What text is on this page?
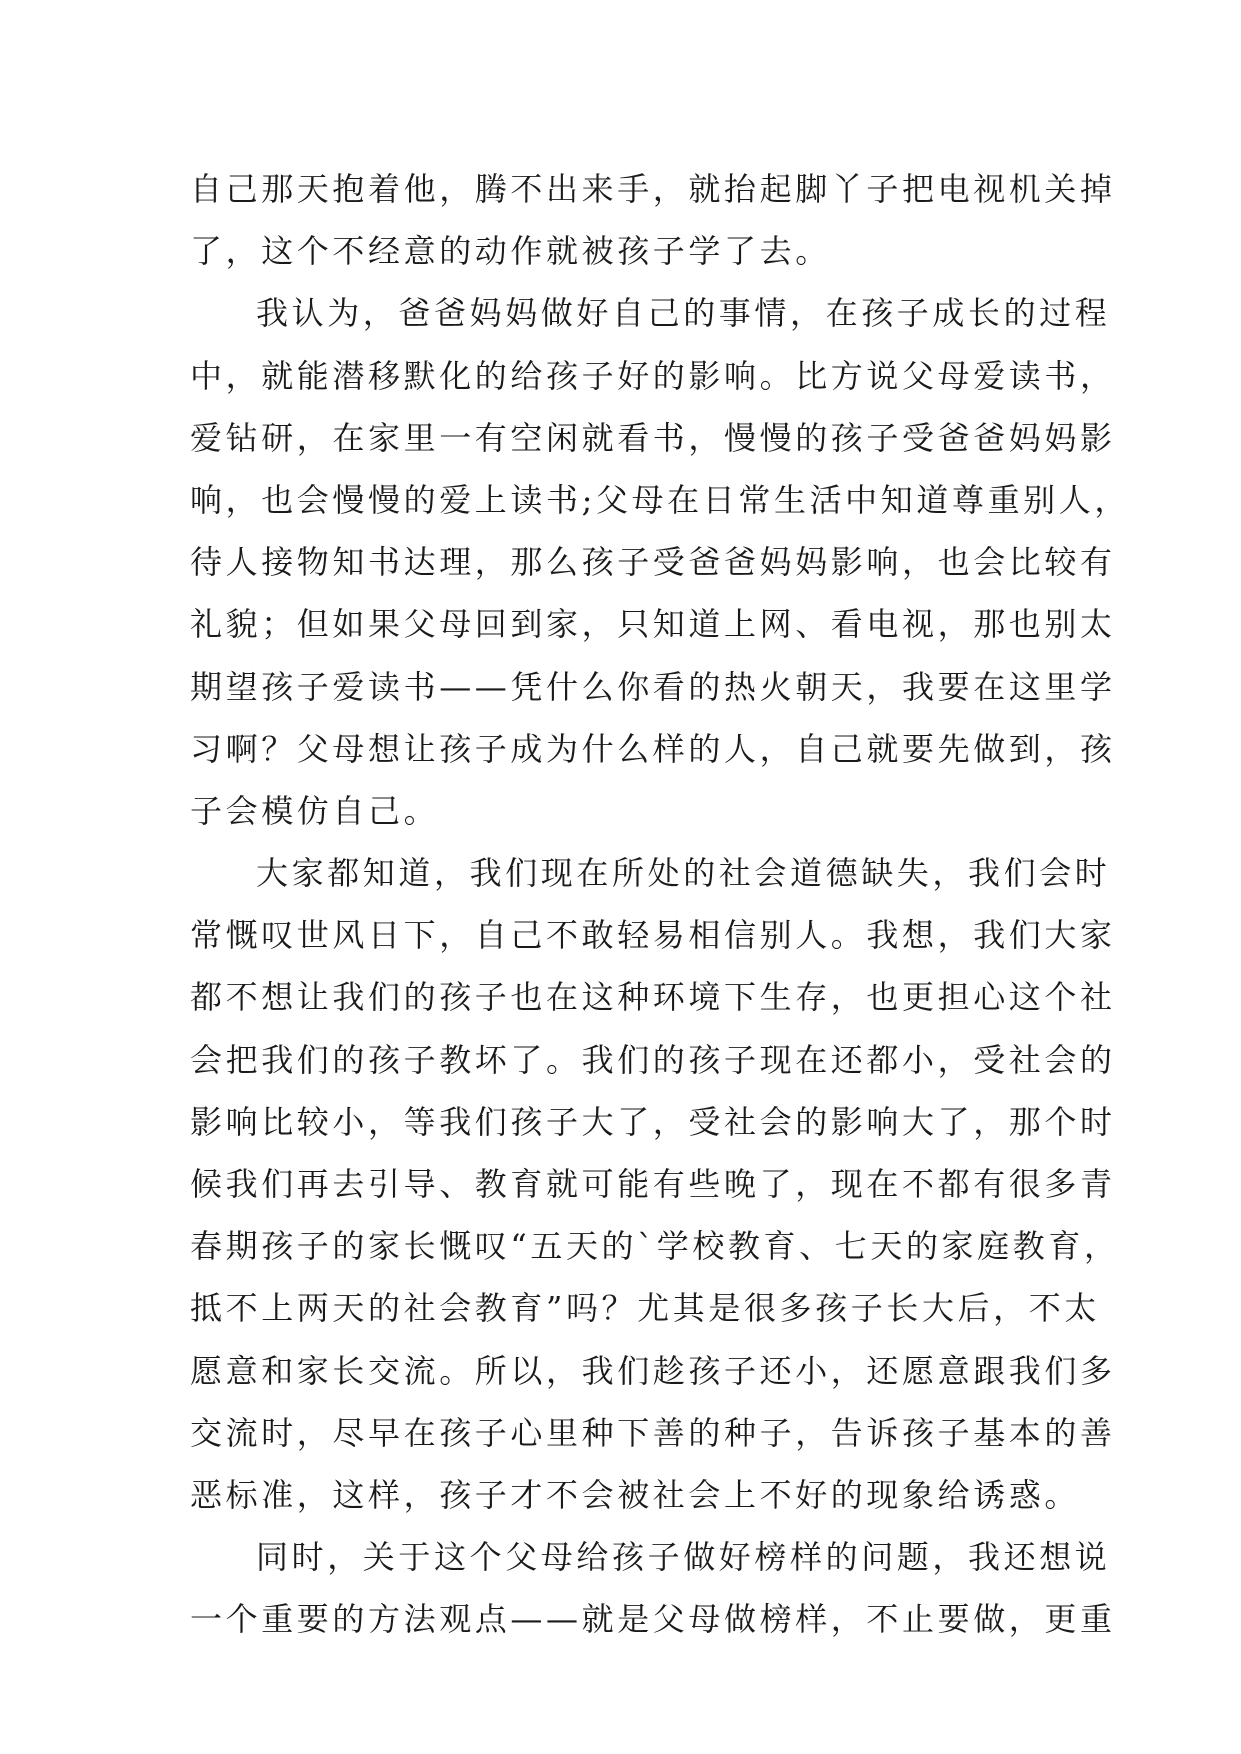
自己那天抱着他，腾不出来手，就抬起脚丫子把电视机关掉
了，这个不经意的动作就被孩子学了去。
我认为，爸爸妈妈做好自己的事情，在孩子成长的过程
中，就能潜移默化的给孩子好的影响。比方说父母爱读书，
爱钻研，在家里一有空闲就看书，慢慢的孩子受爸爸妈妈影
响，也会慢慢的爱上读书;父母在日常生活中知道尊重别人，
待人接物知书达理，那么孩子受爸爸妈妈影响，也会比较有
礼貌；但如果父母回到家，只知道上网、看电视，那也别太
期望孩子爱读书——凭什么你看的热火朝天，我要在这里学
习啊？父母想让孩子成为什么样的人，自己就要先做到，孩
子会模仿自己。
大家都知道，我们现在所处的社会道德缺失，我们会时
常慨叹世风日下，自己不敢轻易相信别人。我想，我们大家
都不想让我们的孩子也在这种环境下生存，也更担心这个社
会把我们的孩子教坏了。我们的孩子现在还都小，受社会的
影响比较小，等我们孩子大了，受社会的影响大了，那个时
候我们再去引导、教育就可能有些晚了，现在不都有很多青
春期孩子的家长慨叹“五天的`学校教育、七天的家庭教育，
抵不上两天的社会教育”吗？尤其是很多孩子长大后，不太
愿意和家长交流。所以，我们趁孩子还小，还愿意跟我们多
交流时，尽早在孩子心里种下善的种子，告诉孩子基本的善
恶标准，这样，孩子才不会被社会上不好的现象给诱惑。
同时，关于这个父母给孩子做好榜样的问题，我还想说
一个重要的方法观点——就是父母做榜样，不止要做，更重
